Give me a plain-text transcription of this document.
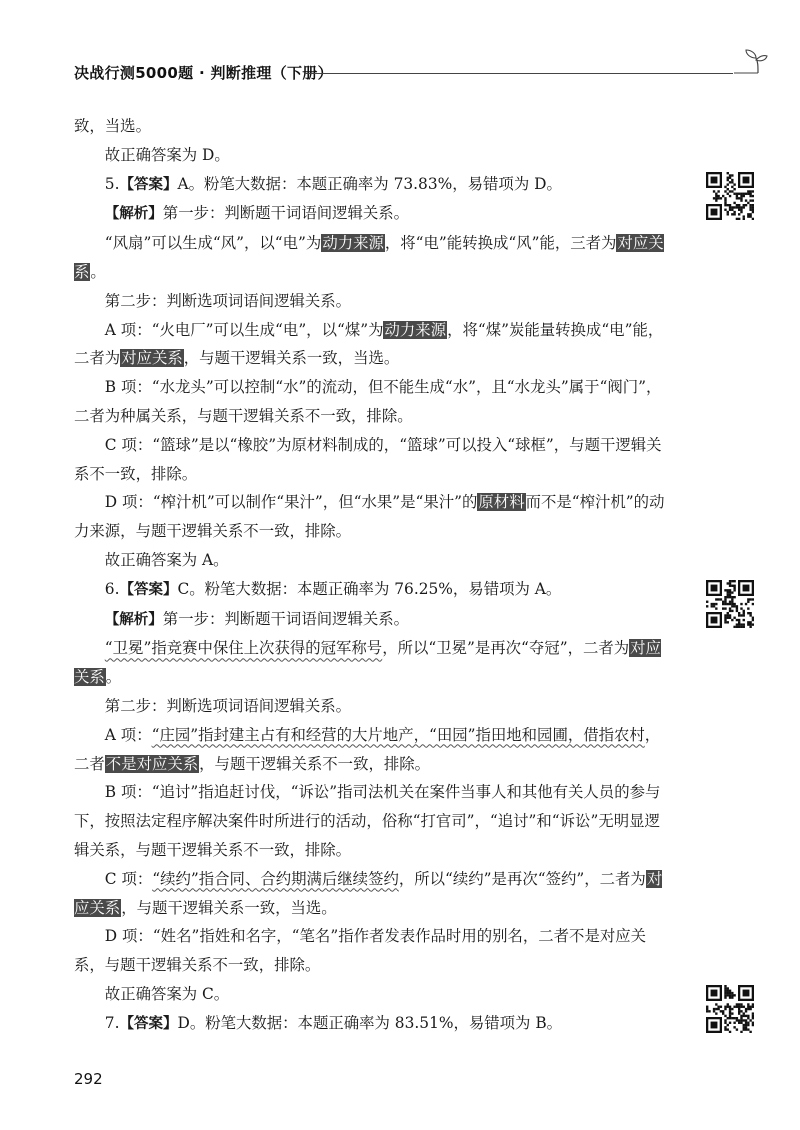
决战行测5000题 · 判断推理（下册）

致，当选。

故正确答案为 D。

5.【答案】A。粉笔大数据：本题正确率为 73.83%，易错项为 D。

【解析】第一步：判断题干词语间逻辑关系。

“风扇”可以生成“风”，以“电”为动力来源，将“电”能转换成“风”能，三者为对应关系。

第二步：判断选项词语间逻辑关系。

A 项：“火电厂”可以生成“电”，以“煤”为动力来源，将“煤”炭能量转换成“电”能，二者为对应关系，与题干逻辑关系一致，当选。

B 项：“水龙头”可以控制“水”的流动，但不能生成“水”，且“水龙头”属于“阀门”，二者为种属关系，与题干逻辑关系不一致，排除。

C 项：“篮球”是以“橡胶”为原材料制成的，“篮球”可以投入“球框”，与题干逻辑关系不一致，排除。

D 项：“榨汁机”可以制作“果汁”，但“水果”是“果汁”的原材料而不是“榨汁机”的动力来源，与题干逻辑关系不一致，排除。

故正确答案为 A。

6.【答案】C。粉笔大数据：本题正确率为 76.25%，易错项为 A。

【解析】第一步：判断题干词语间逻辑关系。

“卫冕”指竞赛中保住上次获得的冠军称号，所以“卫冕”是再次“夺冠”，二者为对应关系。

第二步：判断选项词语间逻辑关系。

A 项：“庄园”指封建主占有和经营的大片地产，“田园”指田地和园圃，借指农村，二者不是对应关系，与题干逻辑关系不一致，排除。

B 项：“追讨”指追赶讨伐，“诉讼”指司法机关在案件当事人和其他有关人员的参与下，按照法定程序解决案件时所进行的活动，俗称“打官司”，“追讨”和“诉讼”无明显逻辑关系，与题干逻辑关系不一致，排除。

C 项：“续约”指合同、合约期满后继续签约，所以“续约”是再次“签约”，二者为对应关系，与题干逻辑关系一致，当选。

D 项：“姓名”指姓和名字，“笔名”指作者发表作品时用的别名，二者不是对应关系，与题干逻辑关系不一致，排除。

故正确答案为 C。

7.【答案】D。粉笔大数据：本题正确率为 83.51%，易错项为 B。

292
